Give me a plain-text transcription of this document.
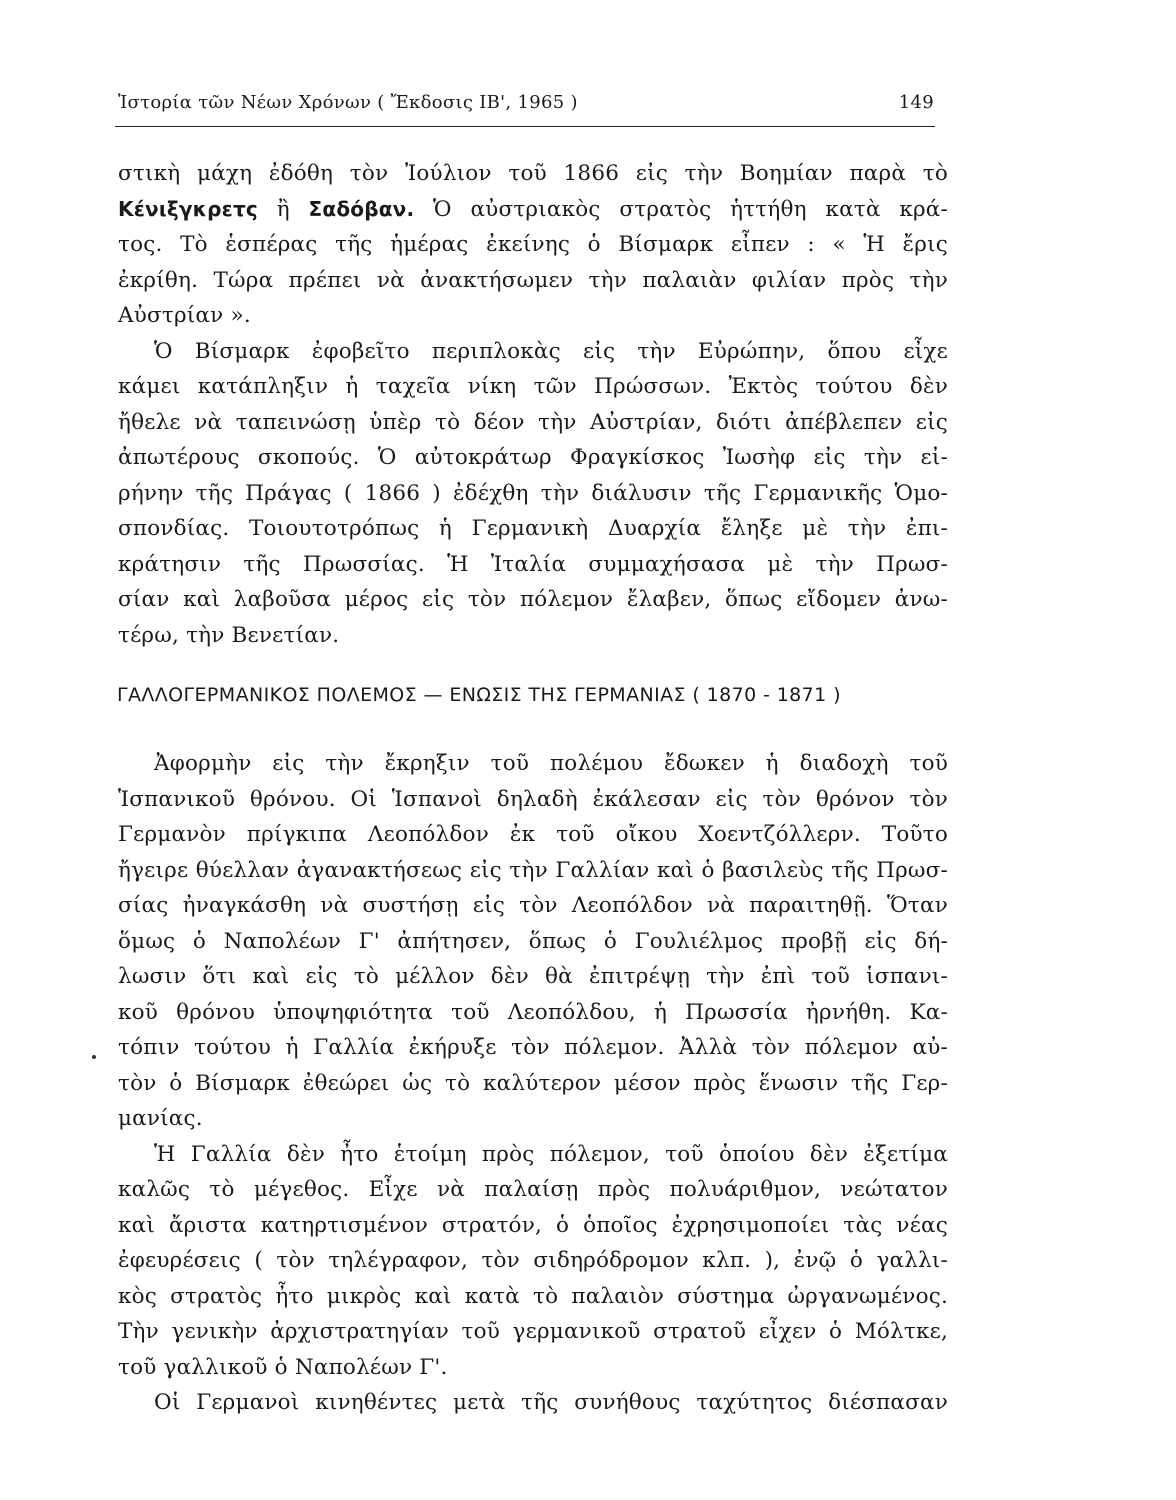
Ἱστορία τῶν Νέων Χρόνων ( Ἔκδοσις ΙΒ', 1965 )	149
στικὴ μάχη ἐδόθη τὸν Ἰούλιον τοῦ 1866 εἰς τὴν Βοημίαν παρὰ τὸ
Κένιξγκρετς ἢ Σαδόβαν. Ὁ αὐστριακὸς στρατὸς ἡττήθη κατὰ κρά-
τος. Τὸ ἑσπέρας τῆς ἡμέρας ἐκείνης ὁ Βίσμαρκ εἶπεν : « Ἡ ἔρις
ἐκρίθη. Τώρα πρέπει νὰ ἀνακτήσωμεν τὴν παλαιὰν φιλίαν πρὸς τὴν
Αὐστρίαν ».
Ὁ Βίσμαρκ ἐφοβεῖτο περιπλοκὰς εἰς τὴν Εὐρώπην, ὅπου εἶχε
κάμει κατάπληξιν ἡ ταχεῖα νίκη τῶν Πρώσσων. Ἐκτὸς τούτου δὲν
ἤθελε νὰ ταπεινώσῃ ὑπὲρ τὸ δέον τὴν Αὐστρίαν, διότι ἀπέβλεπεν εἰς
ἀπωτέρους σκοπούς. Ὁ αὐτοκράτωρ Φραγκίσκος Ἰωσὴφ εἰς τὴν εἰ-
ρήνην τῆς Πράγας ( 1866 ) ἐδέχθη τὴν διάλυσιν τῆς Γερμανικῆς Ὁμο-
σπονδίας. Τοιουτοτρόπως ἡ Γερμανικὴ Δυαρχία ἔληξε μὲ τὴν ἐπι-
κράτησιν τῆς Πρωσσίας. Ἡ Ἰταλία συμμαχήσασα μὲ τὴν Πρωσ-
σίαν καὶ λαβοῦσα μέρος εἰς τὸν πόλεμον ἔλαβεν, ὅπως εἴδομεν ἀνω-
τέρω, τὴν Βενετίαν.
ΓΑΛΛΟΓΕΡΜΑΝΙΚΟΣ ΠΟΛΕΜΟΣ — ΕΝΩΣΙΣ ΤΗΣ ΓΕΡΜΑΝΙΑΣ ( 1870 - 1871 )
Ἀφορμὴν εἰς τὴν ἔκρηξιν τοῦ πολέμου ἔδωκεν ἡ διαδοχὴ τοῦ
Ἱσπανικοῦ θρόνου. Οἱ Ἱσπανοὶ δηλαδὴ ἐκάλεσαν εἰς τὸν θρόνον τὸν
Γερμανὸν πρίγκιπα Λεοπόλδον ἐκ τοῦ οἴκου Χοεντζόλλερν. Τοῦτο
ἤγειρε θύελλαν ἀγανακτήσεως εἰς τὴν Γαλλίαν καὶ ὁ βασιλεὺς τῆς Πρωσ-
σίας ἠναγκάσθη νὰ συστήσῃ εἰς τὸν Λεοπόλδον νὰ παραιτηθῇ. Ὅταν
ὅμως ὁ Ναπολέων Γ' ἀπήτησεν, ὅπως ὁ Γουλιέλμος προβῇ εἰς δή-
λωσιν ὅτι καὶ εἰς τὸ μέλλον δὲν θὰ ἐπιτρέψῃ τὴν ἐπὶ τοῦ ἱσπανι-
κοῦ θρόνου ὑποψηφιότητα τοῦ Λεοπόλδου, ἡ Πρωσσία ἠρνήθη. Κα-
τόπιν τούτου ἡ Γαλλία ἐκήρυξε τὸν πόλεμον. Ἀλλὰ τὸν πόλεμον αὐ-
τὸν ὁ Βίσμαρκ ἐθεώρει ὡς τὸ καλύτερον μέσον πρὸς ἕνωσιν τῆς Γερ-
μανίας.
Ἡ Γαλλία δὲν ἦτο ἑτοίμη πρὸς πόλεμον, τοῦ ὁποίου δὲν ἐξετίμα
καλῶς τὸ μέγεθος. Εἶχε νὰ παλαίσῃ πρὸς πολυάριθμον, νεώτατον
καὶ ἄριστα κατηρτισμένον στρατόν, ὁ ὁποῖος ἐχρησιμοποίει τὰς νέας
ἐφευρέσεις ( τὸν τηλέγραφον, τὸν σιδηρόδρομον κλπ. ), ἐνῷ ὁ γαλλι-
κὸς στρατὸς ἦτο μικρὸς καὶ κατὰ τὸ παλαιὸν σύστημα ὠργανωμένος.
Τὴν γενικὴν ἀρχιστρατηγίαν τοῦ γερμανικοῦ στρατοῦ εἶχεν ὁ Μόλτκε,
τοῦ γαλλικοῦ ὁ Ναπολέων Γ'.
Οἱ Γερμανοὶ κινηθέντες μετὰ τῆς συνήθους ταχύτητος διέσπασαν
